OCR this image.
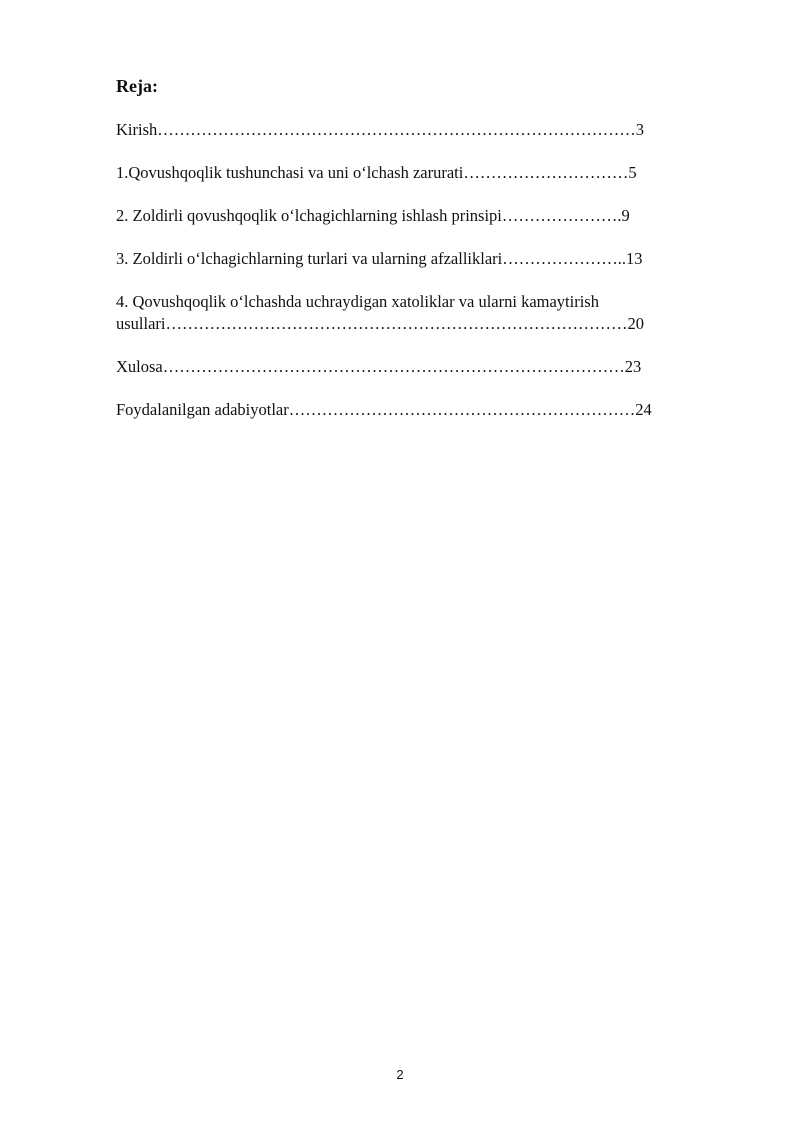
Reja:
Kirish……………………………………………………………………………3
1.Qovushqoqlik tushunchasi va uni o‘lchash zarurati…………………………5
2. Zoldirli qovushqoqlik o‘lchagichlarning ishlash prinsipi………………….9
3. Zoldirli o‘lchagichlarning turlari va ularning afzalliklari…………………..13
4. Qovushqoqlik o‘lchashda uchraydigan xatoliklar va ularni kamaytirish
usullari…………………………………………………………………………20
Xulosa…………………………………………………………………………23
Foydalanilgan adabiyotlar………………………………………………………24
2
